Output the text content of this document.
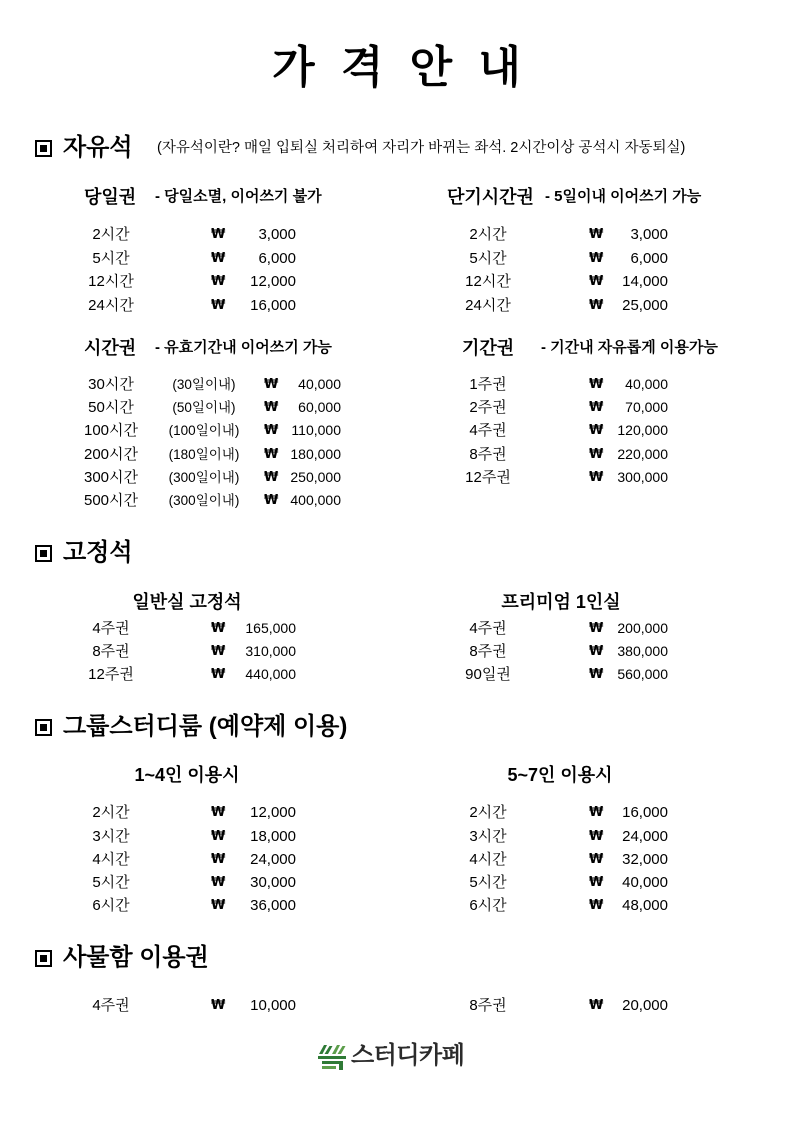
가 격 안 내
자유석 (자유석이란? 매일 입퇴실 처리하여 자리가 바뀌는 좌석. 2시간이상 공석시 자동퇴실)
당일권 - 당일소멸, 이어쓰기 불가
2시간	₩	3,000
5시간	₩	6,000
12시간	₩	12,000
24시간	₩	16,000
단기시간권 - 5일이내 이어쓰기 가능
2시간	₩	3,000
5시간	₩	6,000
12시간	₩	14,000
24시간	₩	25,000
시간권 - 유효기간내 이어쓰기 가능
30시간	(30일이내)	₩	40,000
50시간	(50일이내)	₩	60,000
100시간	(100일이내)	₩ 110,000
200시간	(180일이내)	₩ 180,000
300시간	(300일이내)	₩ 250,000
500시간	(300일이내)	₩ 400,000
기간권 - 기간내 자유롭게 이용가능
1주권	₩	40,000
2주권	₩	70,000
4주권	₩	120,000
8주권	₩	220,000
12주권	₩	300,000
고정석
일반실 고정석
4주권	₩	165,000
8주권	₩	310,000
12주권	₩	440,000
프리미엄 1인실
4주권	₩	200,000
8주권	₩	380,000
90일권	₩	560,000
그룹스터디룸 (예약제 이용)
1~4인 이용시
2시간	₩	12,000
3시간	₩	18,000
4시간	₩	24,000
5시간	₩	30,000
6시간	₩	36,000
5~7인 이용시
2시간	₩	16,000
3시간	₩	24,000
4시간	₩	32,000
5시간	₩	40,000
6시간	₩	48,000
사물함 이용권
4주권	₩	10,000	8주권	₩	20,000
스터디카페
